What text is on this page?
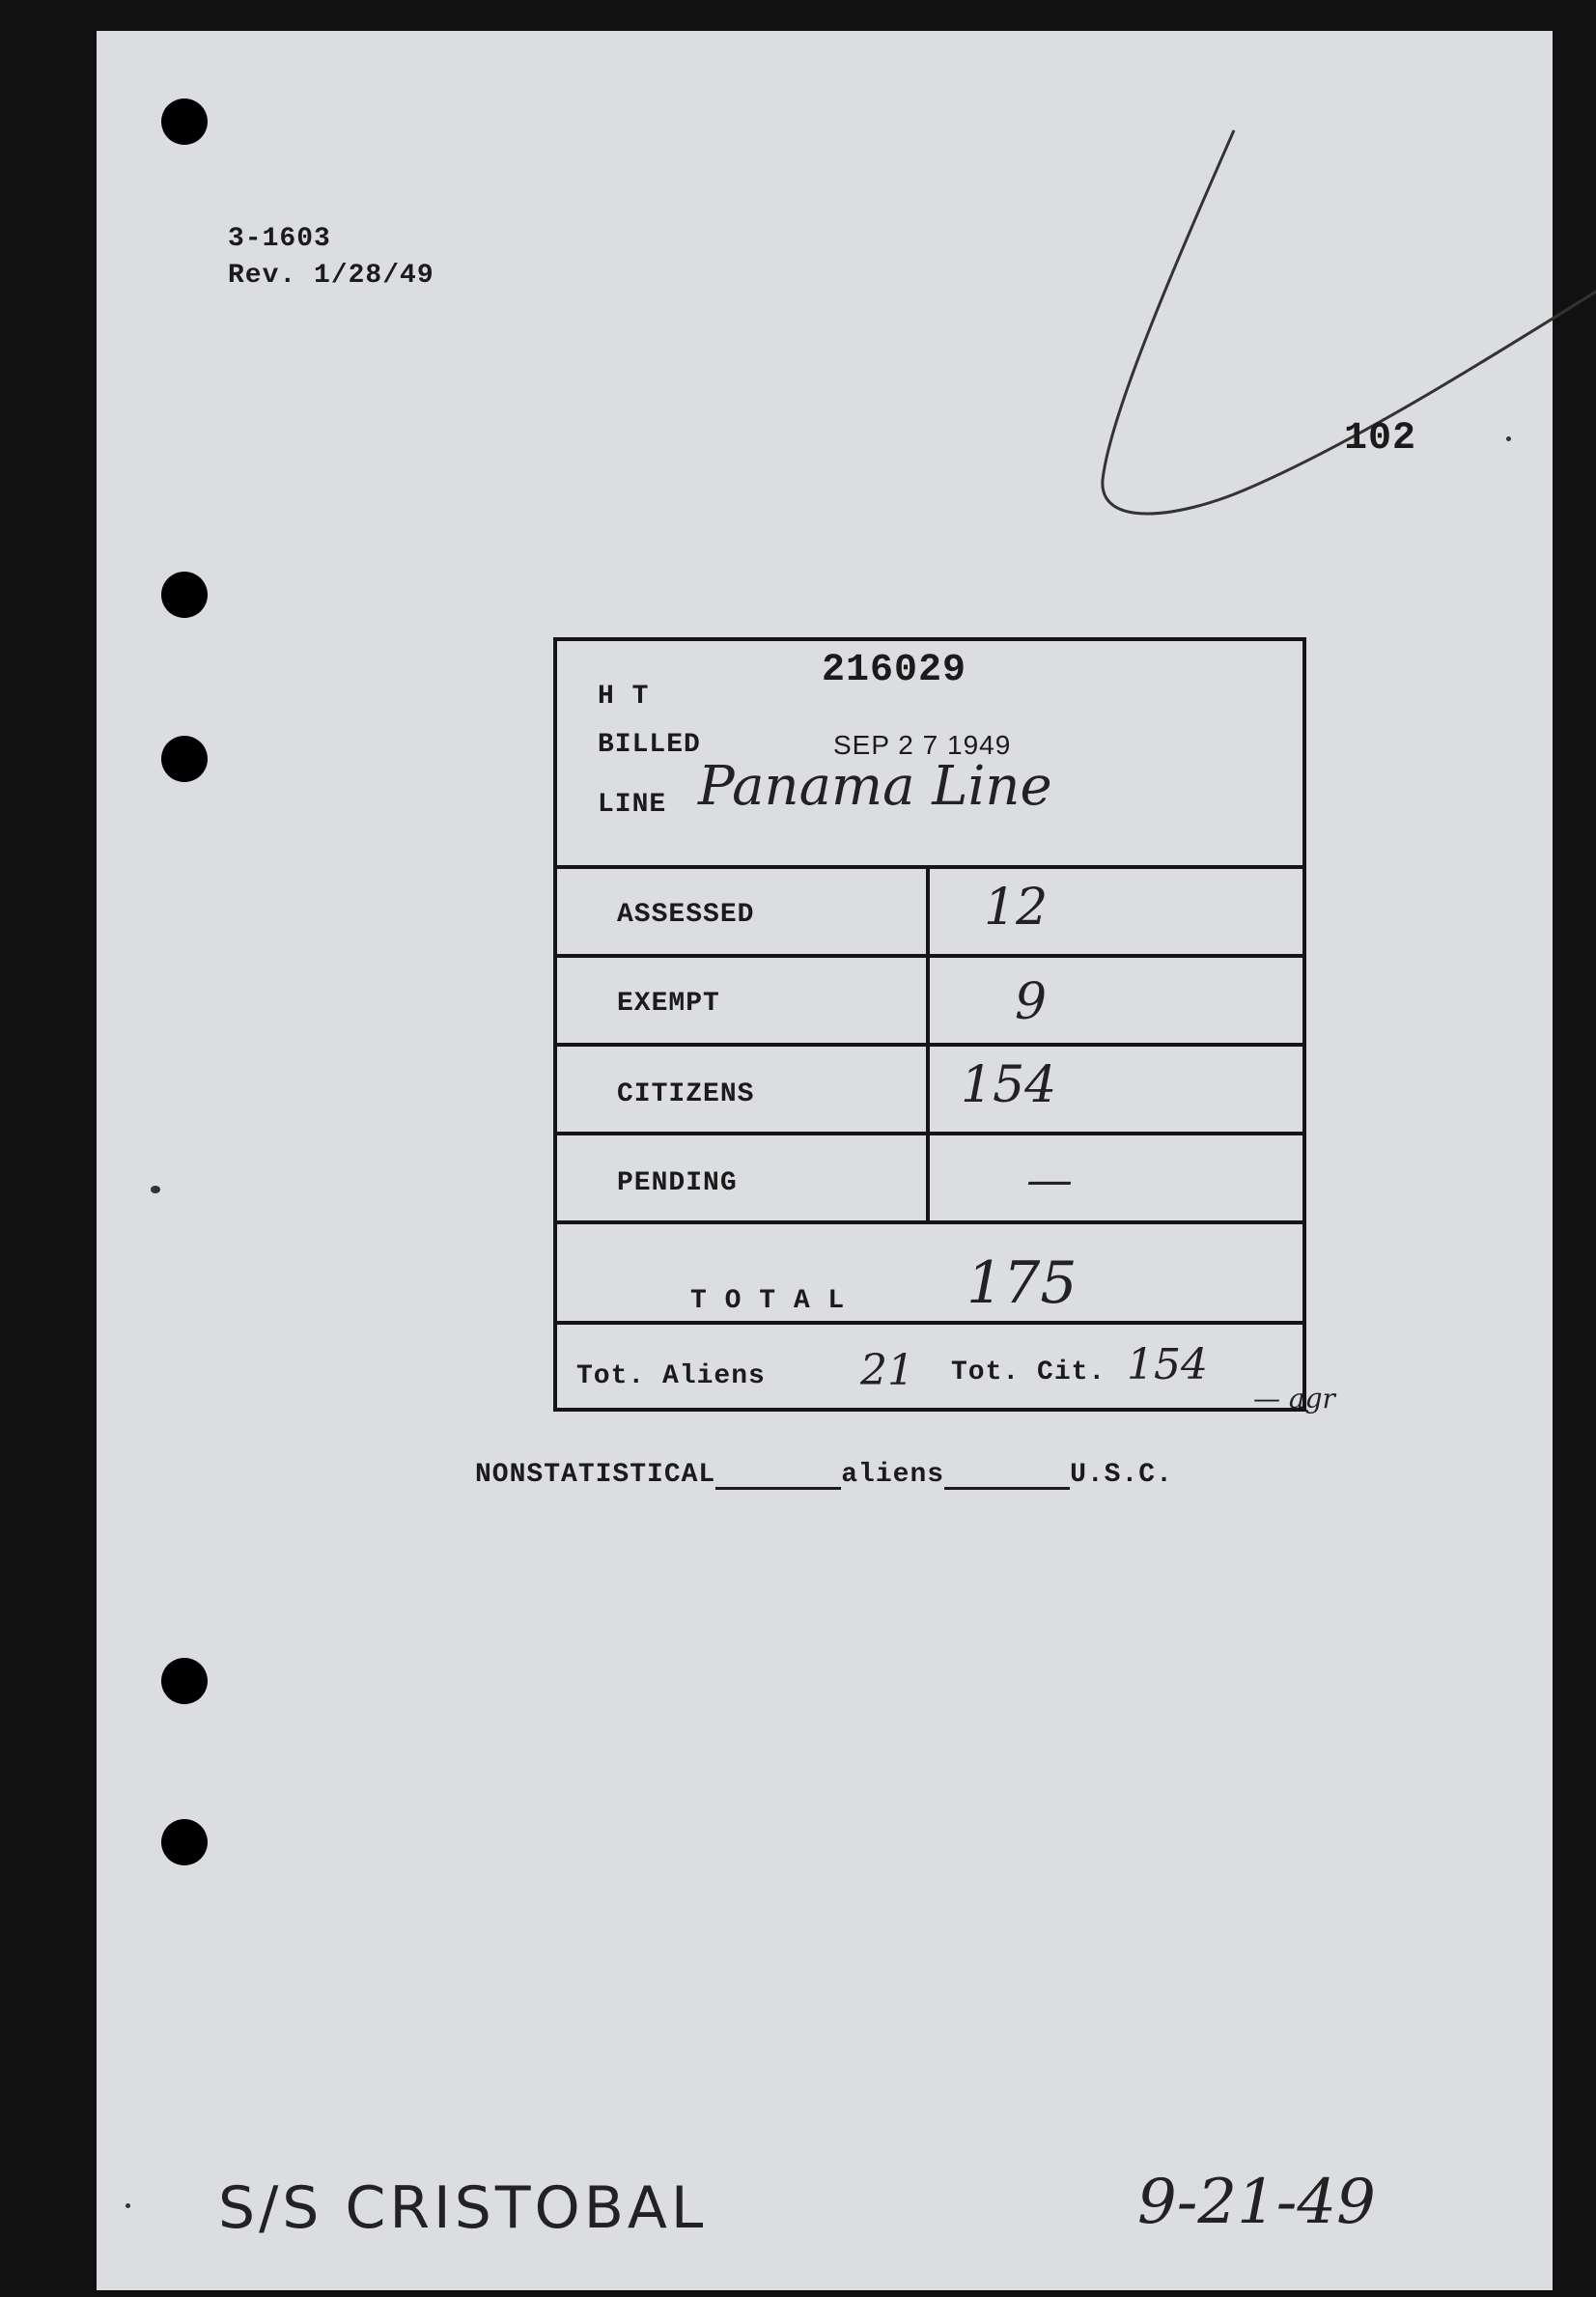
3-1603
Rev. 1/28/49
102
216029
H T
BILLED	SEP 2 7 1949
LINE Panama Line
ASSESSED	12
EXEMPT	9
CITIZENS	154
PENDING	—
T O T A L 175
Tot. Aliens 21 Tot. Cit. 154
— agr
NONSTATISTICAL	aliens	U.S.C.
S/S CRISTOBAL	9-21-49
